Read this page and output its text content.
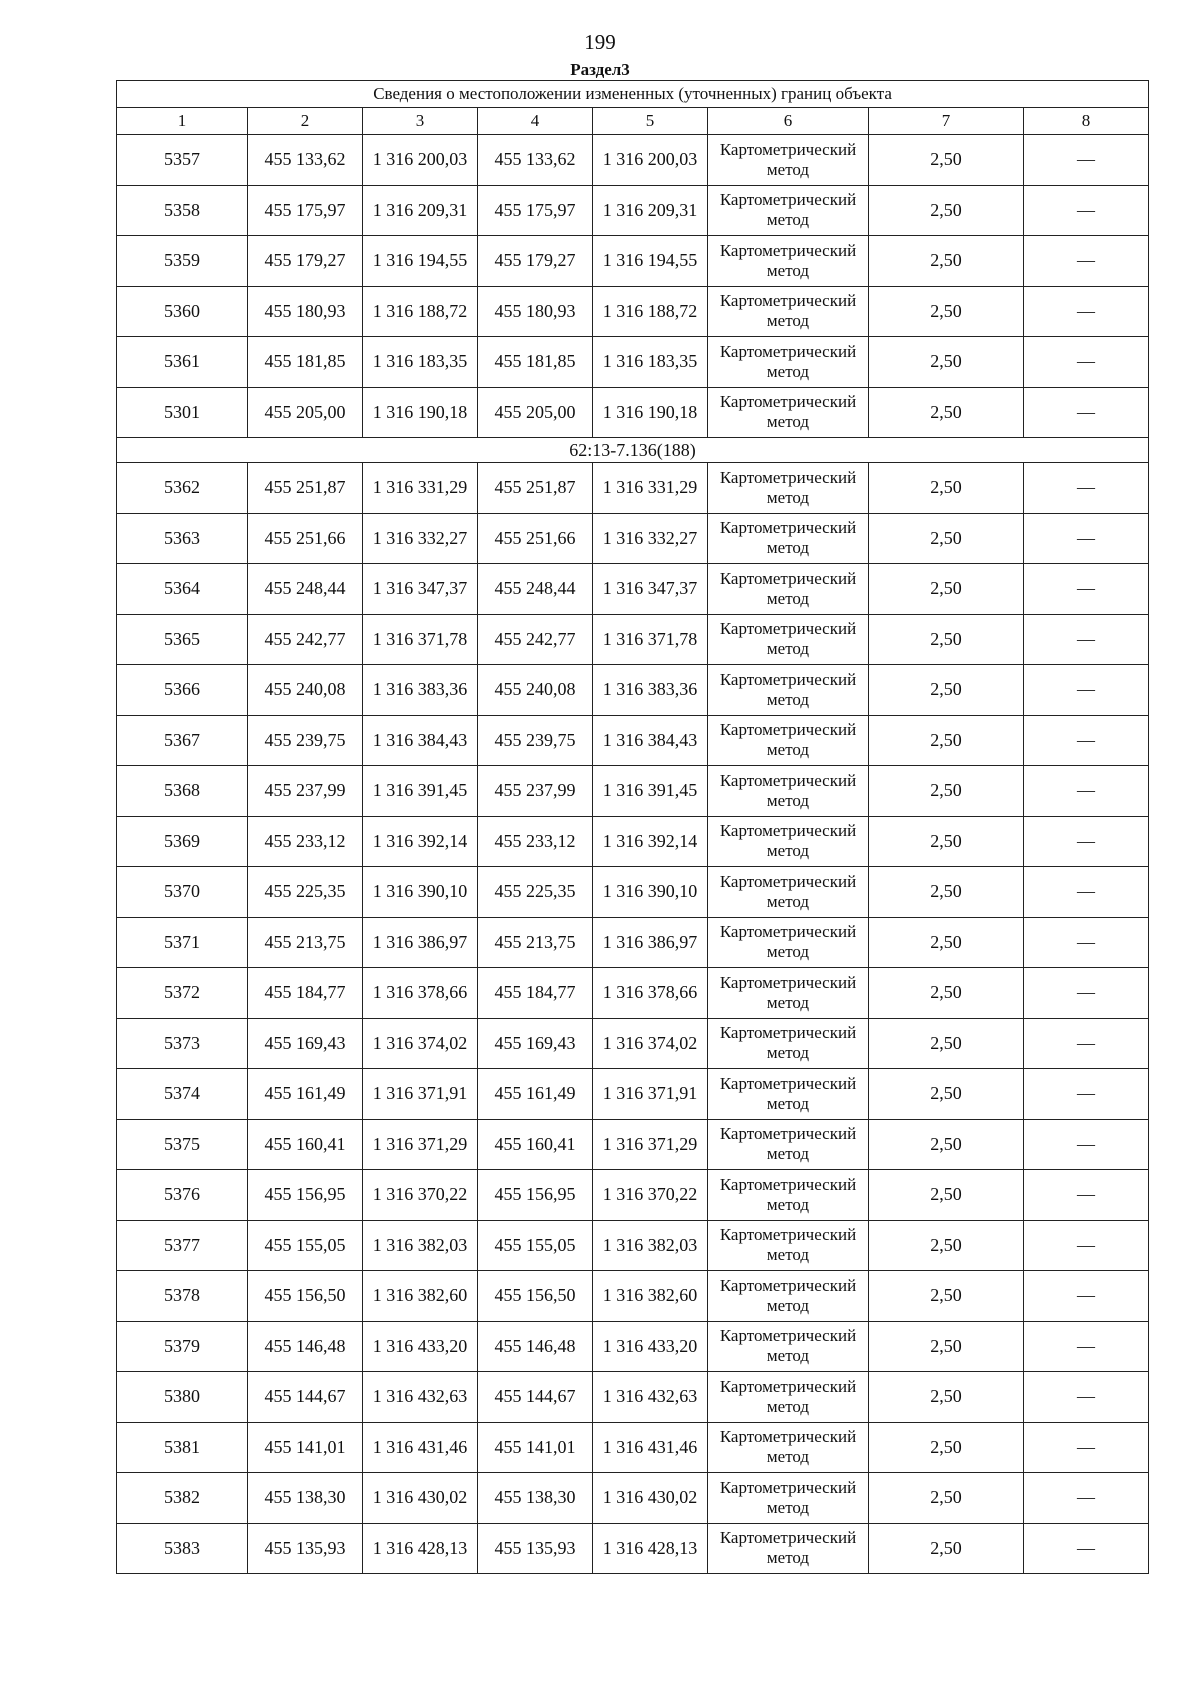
199
Раздел3
Сведения о местоположении измененных (уточненных) границ объекта							
1	2	3	4	5	6	7	8
5357	455 133,62	1 316 200,03	455 133,62	1 316 200,03	Картометрический метод	2,50	—
5358	455 175,97	1 316 209,31	455 175,97	1 316 209,31	Картометрический метод	2,50	—
5359	455 179,27	1 316 194,55	455 179,27	1 316 194,55	Картометрический метод	2,50	—
5360	455 180,93	1 316 188,72	455 180,93	1 316 188,72	Картометрический метод	2,50	—
5361	455 181,85	1 316 183,35	455 181,85	1 316 183,35	Картометрический метод	2,50	—
5301	455 205,00	1 316 190,18	455 205,00	1 316 190,18	Картометрический метод	2,50	—
62:13-7.136(188)							
5362	455 251,87	1 316 331,29	455 251,87	1 316 331,29	Картометрический метод	2,50	—
5363	455 251,66	1 316 332,27	455 251,66	1 316 332,27	Картометрический метод	2,50	—
5364	455 248,44	1 316 347,37	455 248,44	1 316 347,37	Картометрический метод	2,50	—
5365	455 242,77	1 316 371,78	455 242,77	1 316 371,78	Картометрический метод	2,50	—
5366	455 240,08	1 316 383,36	455 240,08	1 316 383,36	Картометрический метод	2,50	—
5367	455 239,75	1 316 384,43	455 239,75	1 316 384,43	Картометрический метод	2,50	—
5368	455 237,99	1 316 391,45	455 237,99	1 316 391,45	Картометрический метод	2,50	—
5369	455 233,12	1 316 392,14	455 233,12	1 316 392,14	Картометрический метод	2,50	—
5370	455 225,35	1 316 390,10	455 225,35	1 316 390,10	Картометрический метод	2,50	—
5371	455 213,75	1 316 386,97	455 213,75	1 316 386,97	Картометрический метод	2,50	—
5372	455 184,77	1 316 378,66	455 184,77	1 316 378,66	Картометрический метод	2,50	—
5373	455 169,43	1 316 374,02	455 169,43	1 316 374,02	Картометрический метод	2,50	—
5374	455 161,49	1 316 371,91	455 161,49	1 316 371,91	Картометрический метод	2,50	—
5375	455 160,41	1 316 371,29	455 160,41	1 316 371,29	Картометрический метод	2,50	—
5376	455 156,95	1 316 370,22	455 156,95	1 316 370,22	Картометрический метод	2,50	—
5377	455 155,05	1 316 382,03	455 155,05	1 316 382,03	Картометрический метод	2,50	—
5378	455 156,50	1 316 382,60	455 156,50	1 316 382,60	Картометрический метод	2,50	—
5379	455 146,48	1 316 433,20	455 146,48	1 316 433,20	Картометрический метод	2,50	—
5380	455 144,67	1 316 432,63	455 144,67	1 316 432,63	Картометрический метод	2,50	—
5381	455 141,01	1 316 431,46	455 141,01	1 316 431,46	Картометрический метод	2,50	—
5382	455 138,30	1 316 430,02	455 138,30	1 316 430,02	Картометрический метод	2,50	—
5383	455 135,93	1 316 428,13	455 135,93	1 316 428,13	Картометрический метод	2,50	—
